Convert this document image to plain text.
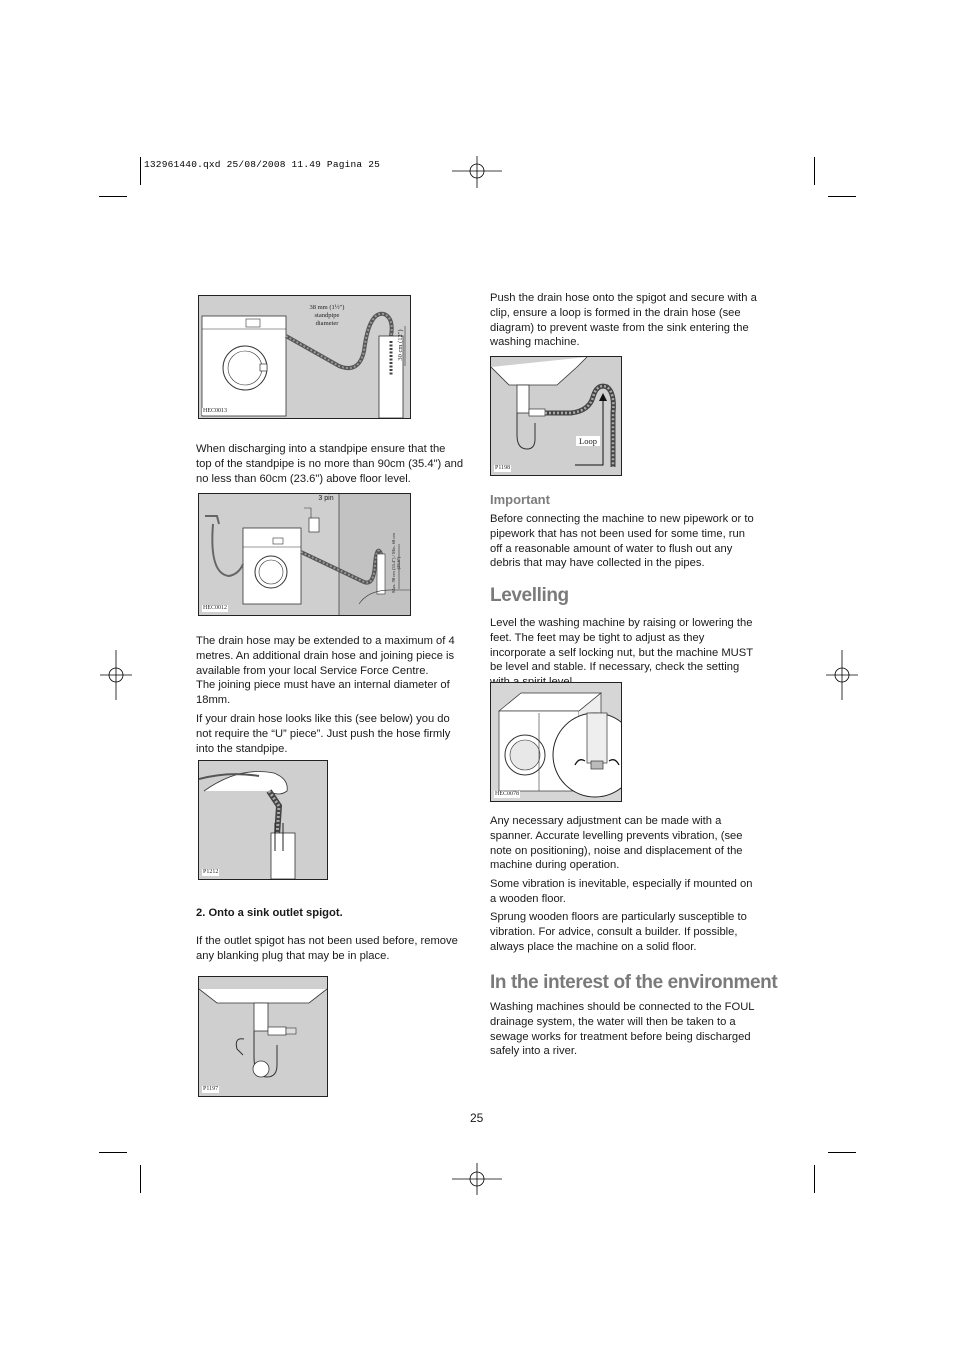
132961440.qxd 25/08/2008 11.49 Pagina 25
38 mm (1½") standpipe diameter
30 cm (12")
HEC0013

When discharging into a standpipe ensure that the top of the standpipe is no more than 90cm (35.4") and no less than 60cm (23.6") above floor level.

3 pin
Max. 90 cm (35.4") / Min. 60 cm (23.6")
HEC0012

The drain hose may be extended to a maximum of 4 metres. An additional drain hose and joining piece is available from your local Service Force Centre.

The joining piece must have an internal diameter of 18mm.

If your drain hose looks like this (see below) you do not require the “U” piece”. Just push the hose firmly into the standpipe.

P1212
2. Onto a sink outlet spigot.

If the outlet spigot has not been used before, remove any blanking plug that may be in place.

P1197

Push the drain hose onto the spigot and secure with a clip, ensure a loop is formed in the drain hose (see diagram) to prevent waste from the sink entering the washing machine.

Loop
P1198
Important

Before connecting the machine to new pipework or to pipework that has not been used for some time, run off a reasonable amount of water to flush out any debris that may have collected in the pipes.

Levelling

Level the washing machine by raising or lowering the feet. The feet may be tight to adjust as they incorporate a self locking nut, but the machine MUST be level and stable. If necessary, check the setting

HEC0078

Any necessary adjustment can be made with a spanner. Accurate levelling prevents vibration, (see note on positioning), noise and displacement of the machine during operation.

Some vibration is inevitable, especially if mounted on a wooden floor.

Sprung wooden floors are particularly susceptible to vibration. For advice, consult a builder. If possible, always place the machine on a solid floor.

In the interest of the environment

Washing machines should be connected to the FOUL drainage system, the water will then be taken to a sewage works for treatment before being discharged safely into a river.

25
